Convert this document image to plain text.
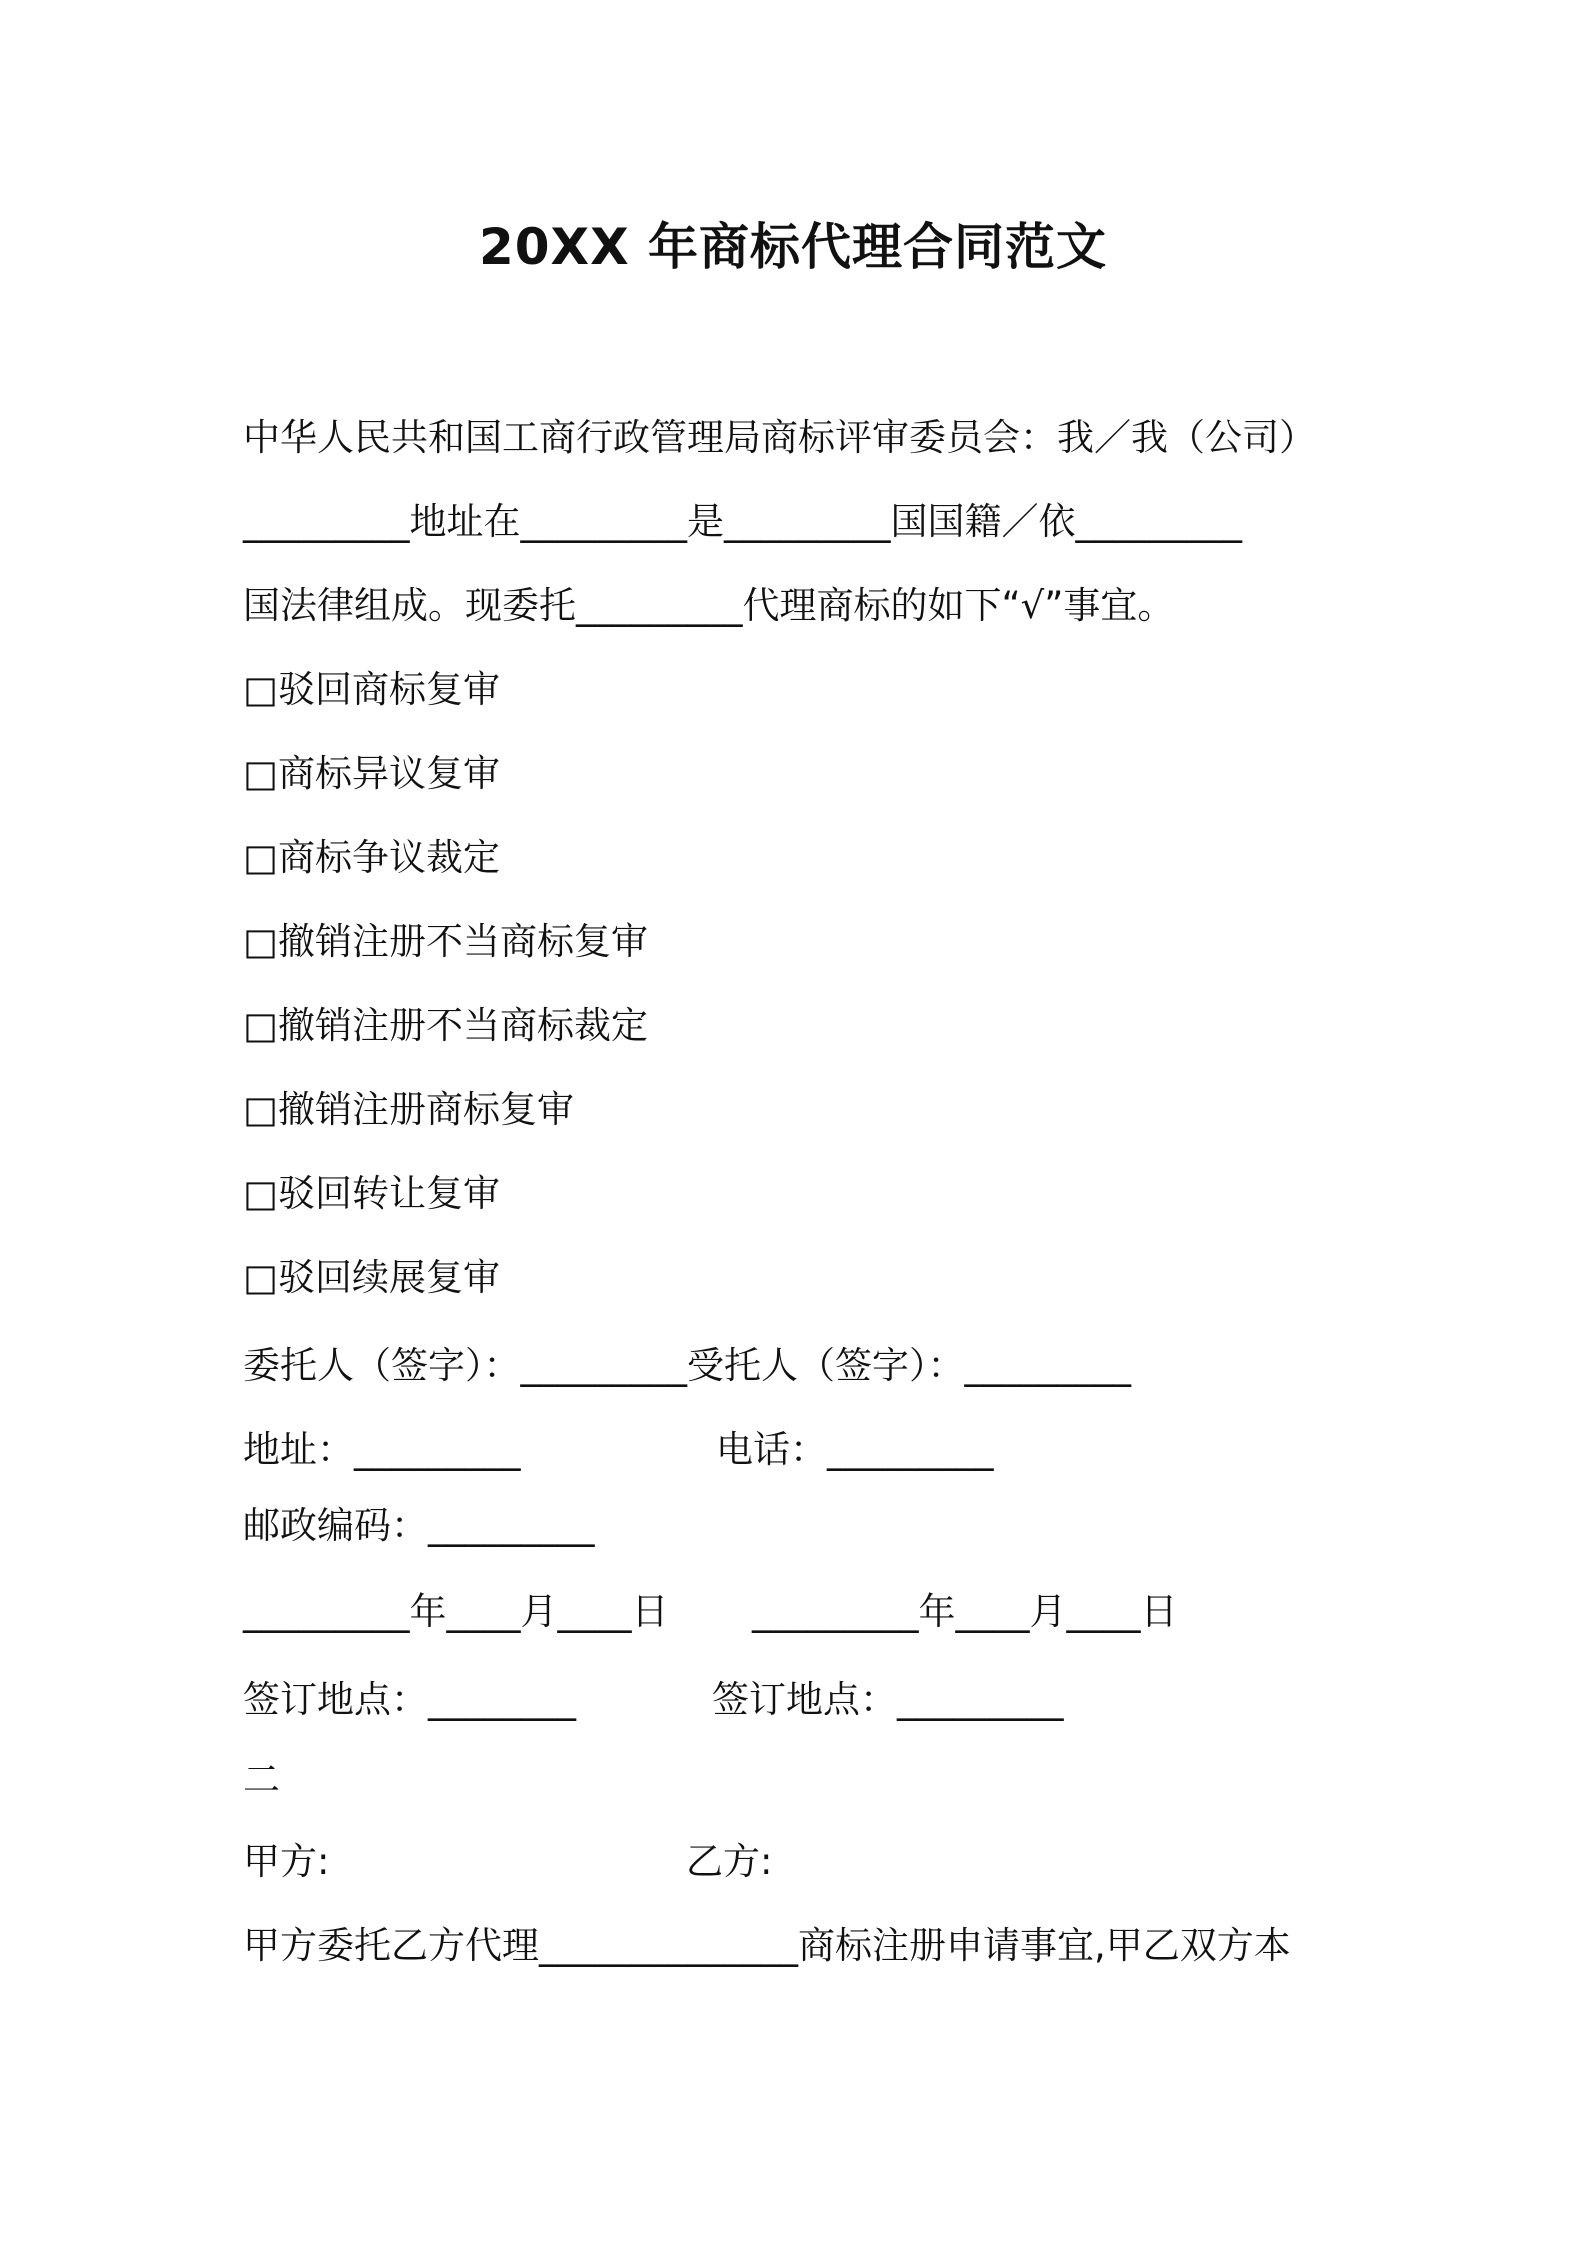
20XX 年商标代理合同范文
中华人民共和国工商行政管理局商标评审委员会：我／我（公司）
_________地址在_________是_________国国籍／依_________
国法律组成。现委托_________代理商标的如下“√”事宜。
□驳回商标复审
□商标异议复审
□商标争议裁定
□撤销注册不当商标复审
□撤销注册不当商标裁定
□撤销注册商标复审
□驳回转让复审
□驳回续展复审
委托人（签字）：_________受托人（签字）：_________
地址：_________	电话：_________
邮政编码：_________
_________年____月____日 _________年____月____日
签订地点：________	签订地点：_________
二
甲方:	乙方:
甲方委托乙方代理______________商标注册申请事宜,甲乙双方本
